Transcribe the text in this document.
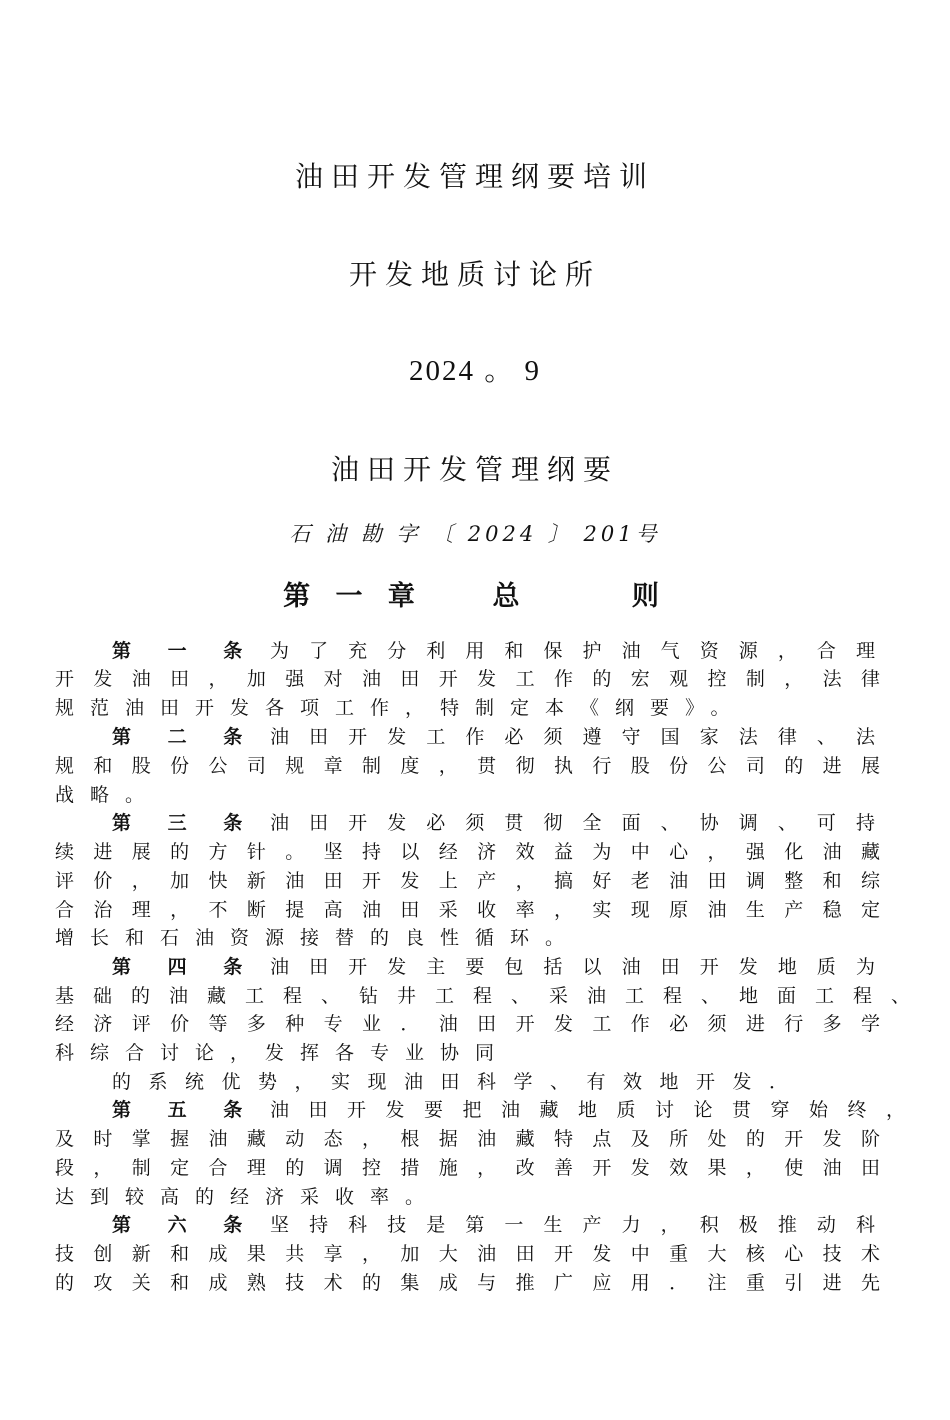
油田开发管理纲要培训
开发地质讨论所
2024 。 9
油田开发管理纲要
石 油 勘 字 〔 2024 〕 201号
第 一 章    总      则
第 一 条 为了充分利用和保护油气资源，合理
开发油田，加强对油田开发工作的宏观控制，法律
规范油田开发各项工作，特制定本《纲要》。
第 二 条 油田开发工作必须遵守国家法律、法
规和股份公司规章制度，贯彻执行股份公司的进展
战略。
第 三 条 油田开发必须贯彻全面、协调、可持
续进展的方针。坚持以经济效益为中心，强化油藏
评价，加快新油田开发上产，搞好老油田调整和综
合治理，不断提高油田采收率，实现原油生产稳定
增长和石油资源接替的良性循环。
第 四 条 油田开发主要包括以油田开发地质为
基础的油藏工程、钻井工程、采油工程、地面工程、
经济评价等多种专业．油田开发工作必须进行多学
科综合讨论，发挥各专业协同
的系统优势，实现油田科学、有效地开发．
第 五 条 油田开发要把油藏地质讨论贯穿始终，
及时掌握油藏动态，根据油藏特点及所处的开发阶
段，制定合理的调控措施，改善开发效果，使油田
达到较高的经济采收率。
第 六 条 坚持科技是第一生产力，积极推动科
技创新和成果共享，加大油田开发中重大核心技术
的攻关和成熟技术的集成与推广应用．注重引进先
